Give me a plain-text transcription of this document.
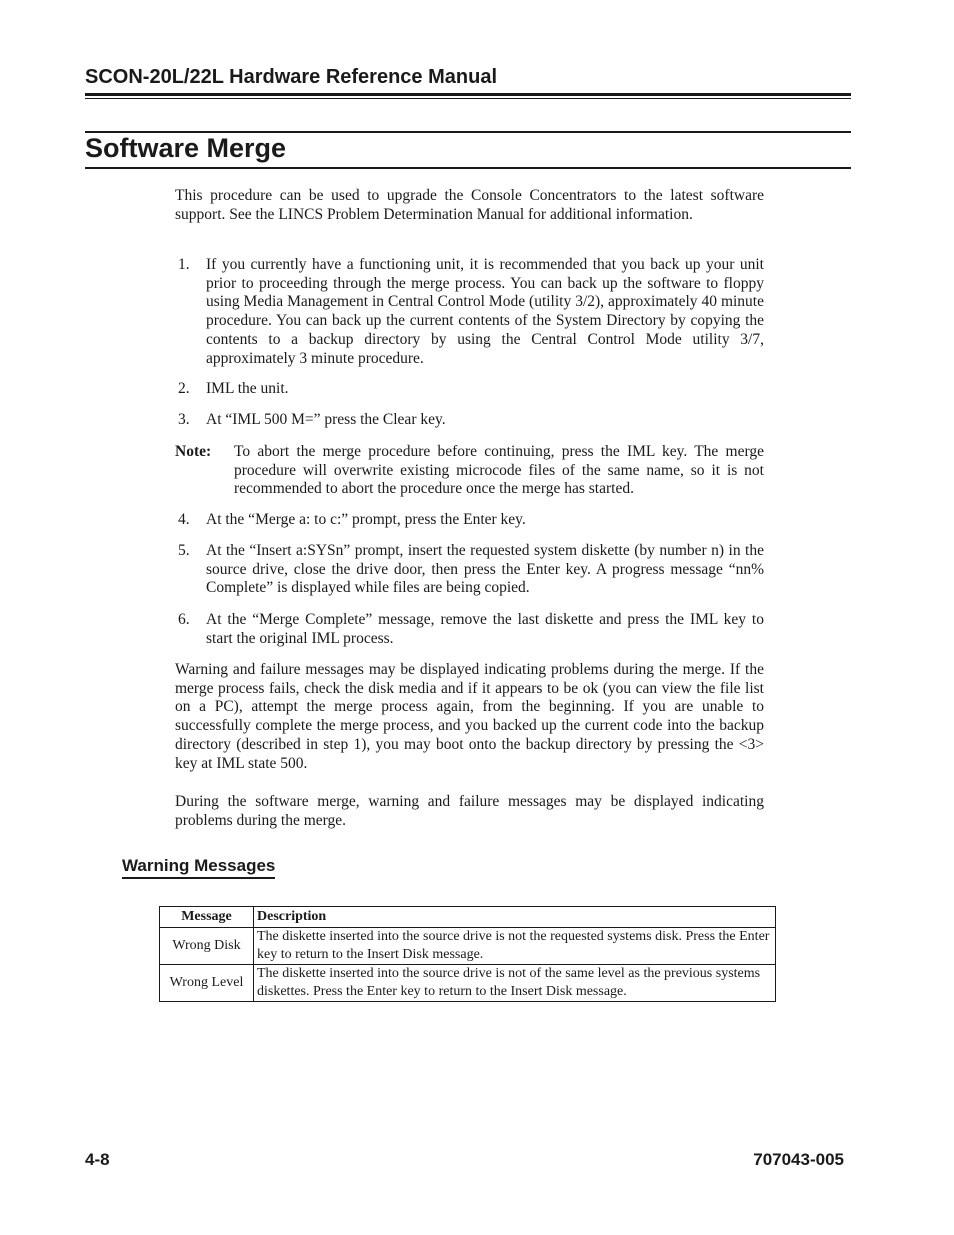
SCON-20L/22L Hardware Reference Manual
Software Merge

This procedure can be used to upgrade the Console Concentrators to the latest software support. See the LINCS Problem Determination Manual for additional information.

1. If you currently have a functioning unit, it is recommended that you back up your unit prior to proceeding through the merge process. You can back up the software to floppy using Media Management in Central Control Mode (utility 3/2), approximately 40 minute procedure. You can back up the current contents of the System Directory by copying the contents to a backup directory by using the Central Control Mode utility 3/7, approximately 3 minute procedure.
2. IML the unit.
3. At “IML 500 M=” press the Clear key.
Note: To abort the merge procedure before continuing, press the IML key. The merge procedure will overwrite existing microcode files of the same name, so it is not recommended to abort the procedure once the merge has started.
4. At the “Merge a: to c:” prompt, press the Enter key.
5. At the “Insert a:SYSn” prompt, insert the requested system diskette (by number n) in the source drive, close the drive door, then press the Enter key. A progress message “nn% Complete” is displayed while files are being copied.
6. At the “Merge Complete” message, remove the last diskette and press the IML key to start the original IML process.

Warning and failure messages may be displayed indicating problems during the merge. If the merge process fails, check the disk media and if it appears to be ok (you can view the file list on a PC), attempt the merge process again, from the beginning. If you are unable to successfully complete the merge process, and you backed up the current code into the backup directory (described in step 1), you may boot onto the backup directory by pressing the <3> key at IML state 500.

During the software merge, warning and failure messages may be displayed indicating problems during the merge.

Warning Messages
Message	Description
Wrong Disk	The diskette inserted into the source drive is not the requested systems disk. Press the Enter key to return to the Insert Disk message.
Wrong Level	The diskette inserted into the source drive is not of the same level as the previous systems diskettes. Press the Enter key to return to the Insert Disk message.
4-8	707043-005
